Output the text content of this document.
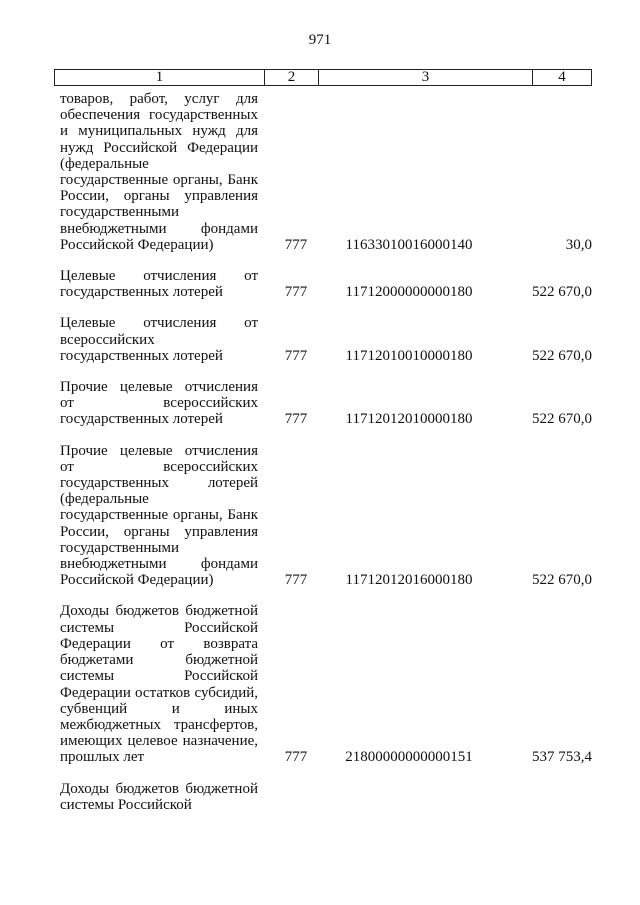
971
1	2	3	4
товаров, работ, услуг для обеспечения государственных и муниципальных нужд для нужд Российской Федерации (федеральные государственные органы, Банк России, органы управления государственными внебюджетными фондами Российской Федерации)	777	11633010016000140	30,0
Целевые отчисления от государственных лотерей	777	11712000000000180	522 670,0
Целевые отчисления от всероссийских государственных лотерей	777	11712010010000180	522 670,0
Прочие целевые отчисления от всероссийских государственных лотерей	777	11712012010000180	522 670,0
Прочие целевые отчисления от всероссийских государственных лотерей (федеральные государственные органы, Банк России, органы управления государственными внебюджетными фондами Российской Федерации)	777	11712012016000180	522 670,0
Доходы бюджетов бюджетной системы Российской Федерации от возврата бюджетами бюджетной системы Российской Федерации остатков субсидий, субвенций и иных межбюджетных трансфертов, имеющих целевое назначение, прошлых лет	777	21800000000000151	537 753,4
Доходы бюджетов бюджетной системы Российской
